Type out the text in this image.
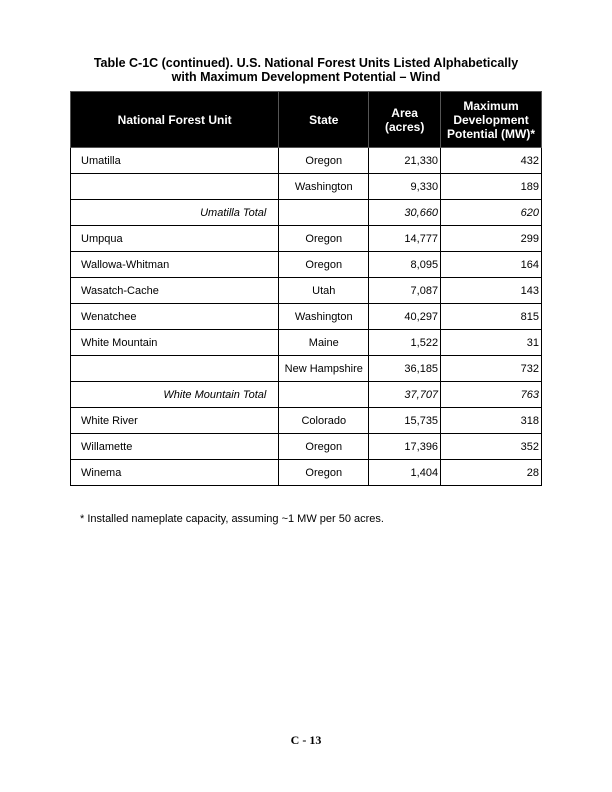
Table C-1C (continued). U.S. National Forest Units Listed Alphabetically
with Maximum Development Potential – Wind
National Forest Unit	State	Area (acres)	Maximum Development Potential (MW)*
Umatilla	Oregon	21,330	432
	Washington	9,330	189
Umatilla Total		30,660	620
Umpqua	Oregon	14,777	299
Wallowa-Whitman	Oregon	8,095	164
Wasatch-Cache	Utah	7,087	143
Wenatchee	Washington	40,297	815
White Mountain	Maine	1,522	31
	New Hampshire	36,185	732
White Mountain Total		37,707	763
White River	Colorado	15,735	318
Willamette	Oregon	17,396	352
Winema	Oregon	1,404	28
* Installed nameplate capacity, assuming ~1 MW per 50 acres.
C - 13
